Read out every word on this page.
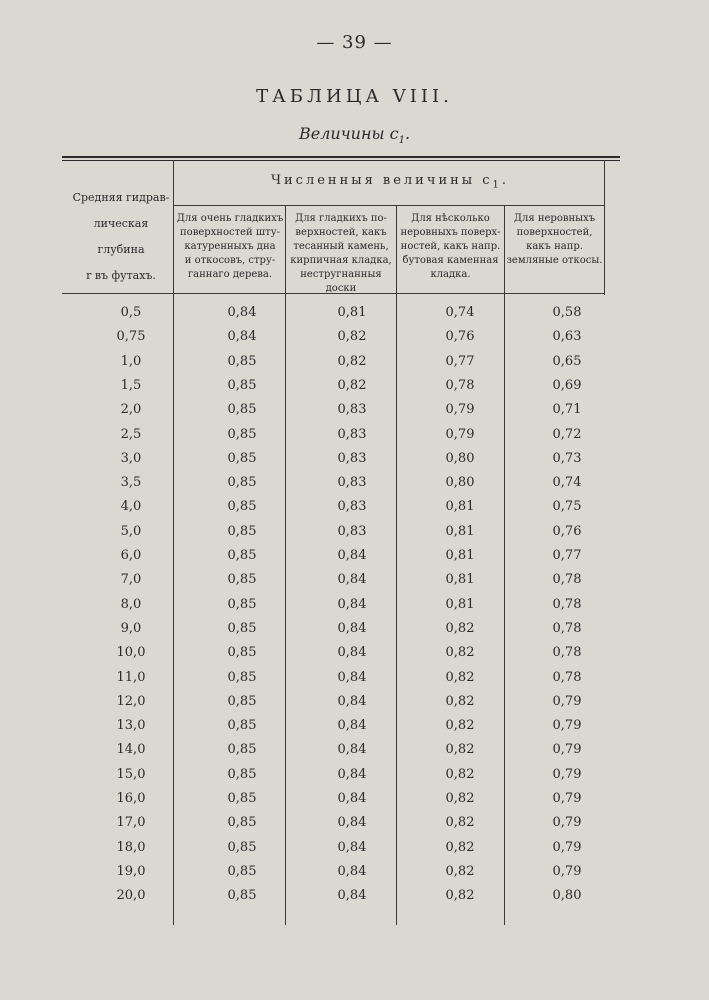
— 39 —
ТАБЛИЦА VIII.
Величины $c_1$.
Средняя гидрав-
лическая глубина
r въ футахъ.
Численныя величины $c_1$.
Для очень гладкихъ
поверхностей шту-
катуренныхъ дна
и откосовъ, стру-
ганнаго дерева.
Для гладкихъ по-
верхностей, какъ
тесанный камень,
кирпичная кладка,
нестругнанныя доски
Для нѣсколько
неровныхъ поверх-
ностей, какъ напр.
бутовая каменная
кладка.
Для неровныхъ
поверхностей,
какъ напр.
земляные откосы.
0,5	0,84	0,81	0,74	0,58
0,75	0,84	0,82	0,76	0,63
1,0	0,85	0,82	0,77	0,65
1,5	0,85	0,82	0,78	0,69
2,0	0,85	0,83	0,79	0,71
2,5	0,85	0,83	0,79	0,72
3,0	0,85	0,83	0,80	0,73
3,5	0,85	0,83	0,80	0,74
4,0	0,85	0,83	0,81	0,75
5,0	0,85	0,83	0,81	0,76
6,0	0,85	0,84	0,81	0,77
7,0	0,85	0,84	0,81	0,78
8,0	0,85	0,84	0,81	0,78
9,0	0,85	0,84	0,82	0,78
10,0	0,85	0,84	0,82	0,78
11,0	0,85	0,84	0,82	0,78
12,0	0,85	0,84	0,82	0,79
13,0	0,85	0,84	0,82	0,79
14,0	0,85	0,84	0,82	0,79
15,0	0,85	0,84	0,82	0,79
16,0	0,85	0,84	0,82	0,79
17,0	0,85	0,84	0,82	0,79
18,0	0,85	0,84	0,82	0,79
19,0	0,85	0,84	0,82	0,79
20,0	0,85	0,84	0,82	0,80
